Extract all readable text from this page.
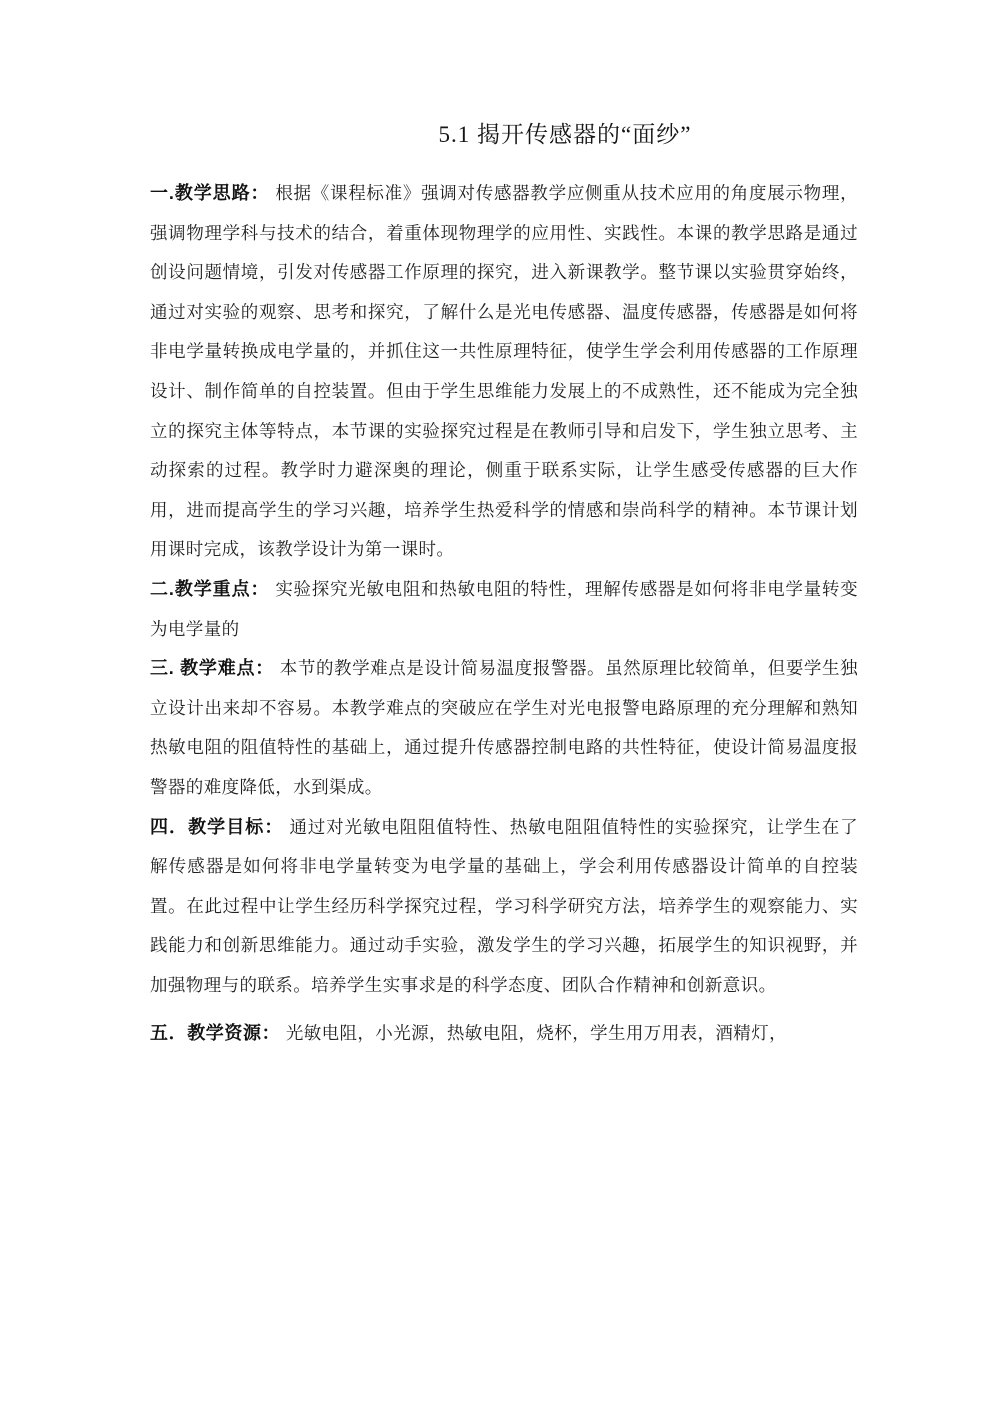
5.1 揭开传感器的“面纱”

一.教学思路： 根据《课程标准》强调对传感器教学应侧重从技术应用的角度展示物理，强调物理学科与技术的结合，着重体现物理学的应用性、实践性。本课的教学思路是通过创设问题情境，引发对传感器工作原理的探究，进入新课教学。整节课以实验贯穿始终，通过对实验的观察、思考和探究，了解什么是光电传感器、温度传感器，传感器是如何将非电学量转换成电学量的，并抓住这一共性原理特征，使学生学会利用传感器的工作原理设计、制作简单的自控装置。但由于学生思维能力发展上的不成熟性，还不能成为完全独立的探究主体等特点，本节课的实验探究过程是在教师引导和启发下，学生独立思考、主动探索的过程。教学时力避深奥的理论，侧重于联系实际，让学生感受传感器的巨大作用，进而提高学生的学习兴趣，培养学生热爱科学的情感和崇尚科学的精神。本节课计划用课时完成，该教学设计为第一课时。

二.教学重点： 实验探究光敏电阻和热敏电阻的特性，理解传感器是如何将非电学量转变为电学量的

三. 教学难点： 本节的教学难点是设计简易温度报警器。虽然原理比较简单，但要学生独立设计出来却不容易。本教学难点的突破应在学生对光电报警电路原理的充分理解和熟知热敏电阻的阻值特性的基础上，通过提升传感器控制电路的共性特征，使设计简易温度报警器的难度降低，水到渠成。

四．教学目标： 通过对光敏电阻阻值特性、热敏电阻阻值特性的实验探究，让学生在了解传感器是如何将非电学量转变为电学量的基础上，学会利用传感器设计简单的自控装置。在此过程中让学生经历科学探究过程，学习科学研究方法，培养学生的观察能力、实践能力和创新思维能力。通过动手实验，激发学生的学习兴趣，拓展学生的知识视野，并加强物理与的联系。培养学生实事求是的科学态度、团队合作精神和创新意识。

五．教学资源： 光敏电阻，小光源，热敏电阻，烧杯，学生用万用表，酒精灯，
